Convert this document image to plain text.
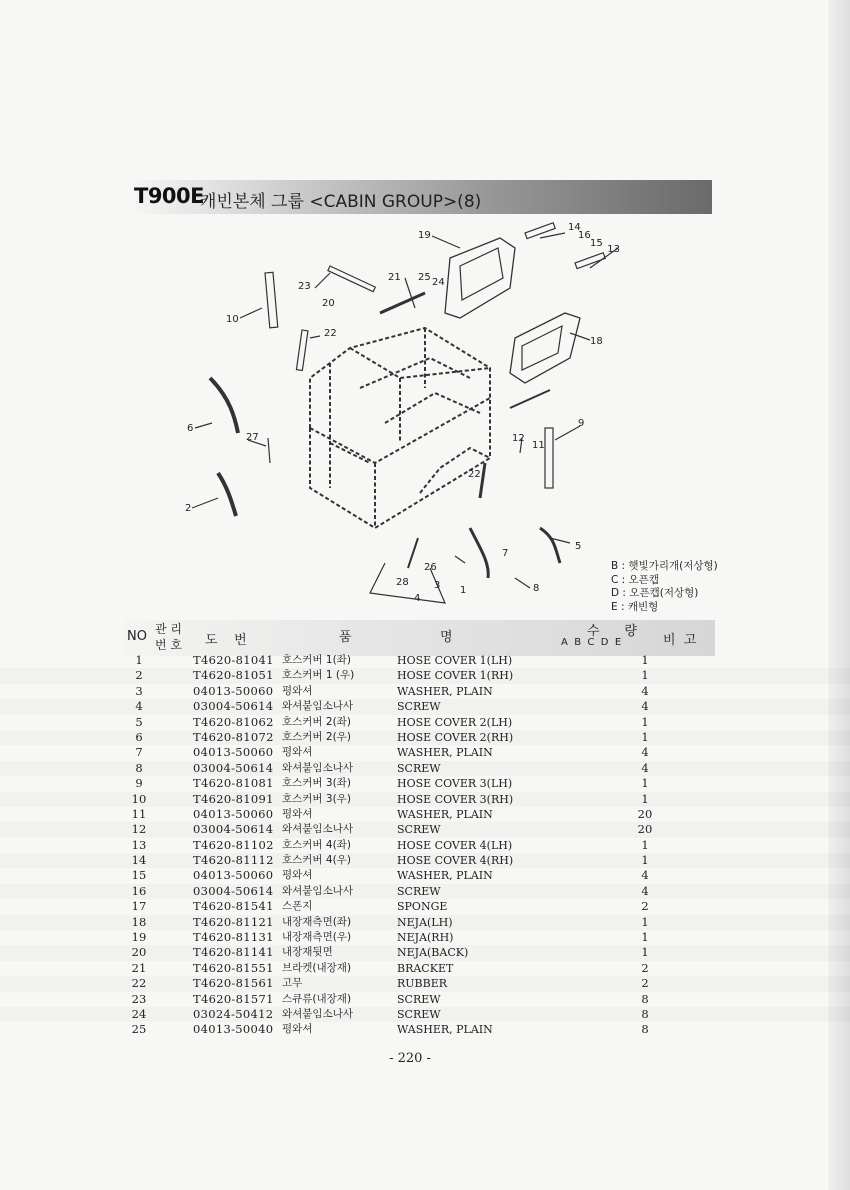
T900E
캐빈본체 그룹 <CABIN GROUP>(8)
1
2
3
4
5
6
7
8
9
10
11
12
13
14
15
16
18
19
20
21
22
22
23	24
25
26
27
28
B : 햇빛가리개(저상형)
C : 오픈캡
D : 오픈캡(저상형)
E : 캐빈형
NO 관 리
번 호 도    번	품	명	수      량
A  B  C  D  E	비  고
1	T4620-81041 호스커버 1(좌)	HOSE COVER 1(LH)	1
2	T4620-81051 호스커버 1 (우)	HOSE COVER 1(RH)	1
3	04013-50060 평와셔	WASHER, PLAIN	4
4	03004-50614 와셔붙임소나사	SCREW	4
5	T4620-81062 호스커버 2(좌)	HOSE COVER 2(LH)	1
6	T4620-81072 호스커버 2(우)	HOSE COVER 2(RH)	1
7	04013-50060 평와셔	WASHER, PLAIN	4
8	03004-50614 와셔붙임소나사	SCREW	4
9	T4620-81081 호스커버 3(좌)	HOSE COVER 3(LH)	1
10	T4620-81091 호스커버 3(우)	HOSE COVER 3(RH)	1
11	04013-50060 평와셔	WASHER, PLAIN	20
12	03004-50614 와셔붙임소나사	SCREW	20
13	T4620-81102 호스커버 4(좌)	HOSE COVER 4(LH)	1
14	T4620-81112 호스커버 4(우)	HOSE COVER 4(RH)	1
15	04013-50060 평와셔	WASHER, PLAIN	4
16	03004-50614 와셔붙임소나사	SCREW	4
17	T4620-81541 스폰지	SPONGE	2
18	T4620-81121 내장재측면(좌)	NEJA(LH)	1
19	T4620-81131 내장재측면(우)	NEJA(RH)	1
20	T4620-81141 내장재뒷면	NEJA(BACK)	1
21	T4620-81551 브라켓(내장재)	BRACKET	2
22	T4620-81561 고무	RUBBER	2
23	T4620-81571 스큐류(내장재)	SCREW	8
24	03024-50412 와셔붙임소나사	SCREW	8
25	04013-50040 평와셔	WASHER, PLAIN	8
- 220 -
